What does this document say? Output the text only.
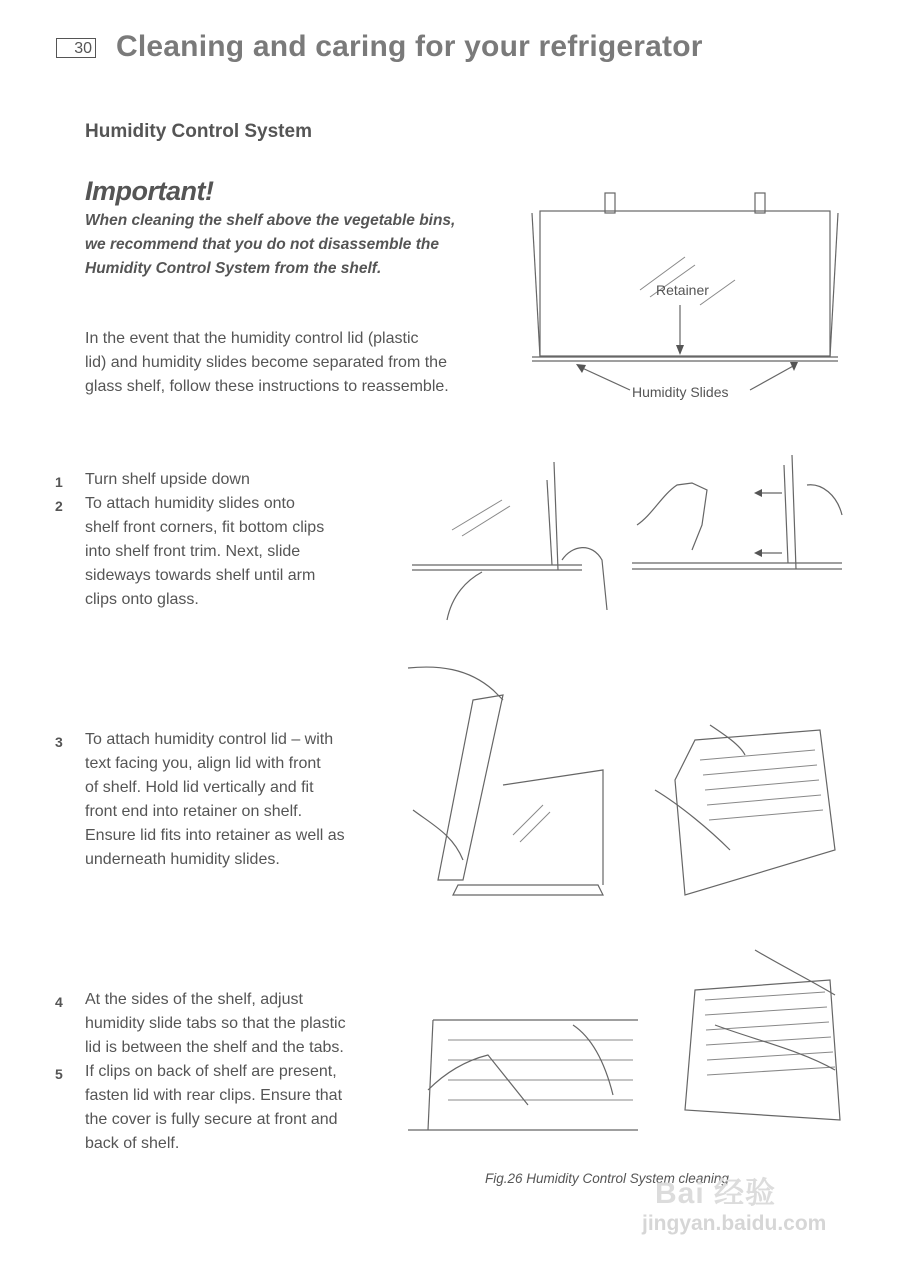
30 Cleaning and caring for your refrigerator
Humidity Control System
Important!
When cleaning the shelf above the vegetable bins,
we recommend that you do not disassemble the
Humidity Control System from the shelf.
In the event that the humidity control lid (plastic
lid) and humidity slides become separated from the
glass shelf, follow these instructions to reassemble.
Retainer
Humidity Slides
1 Turn shelf upside down
2 To attach humidity slides onto
shelf front corners, fit bottom clips
into shelf front trim. Next, slide
sideways towards shelf until arm
clips onto glass.
3 To attach humidity control lid – with
text facing you, align lid with front
of shelf. Hold lid vertically and fit
front end into retainer on shelf.
Ensure lid fits into retainer as well as
underneath humidity slides.
4 At the sides of the shelf, adjust
humidity slide tabs so that the plastic
lid is between the shelf and the tabs.
5 If clips on back of shelf are present,
fasten lid with rear clips. Ensure that
the cover is fully secure at front and
back of shelf.
Fig.26 Humidity Control System cleaning
Bai 经验
jingyan.baidu.com
